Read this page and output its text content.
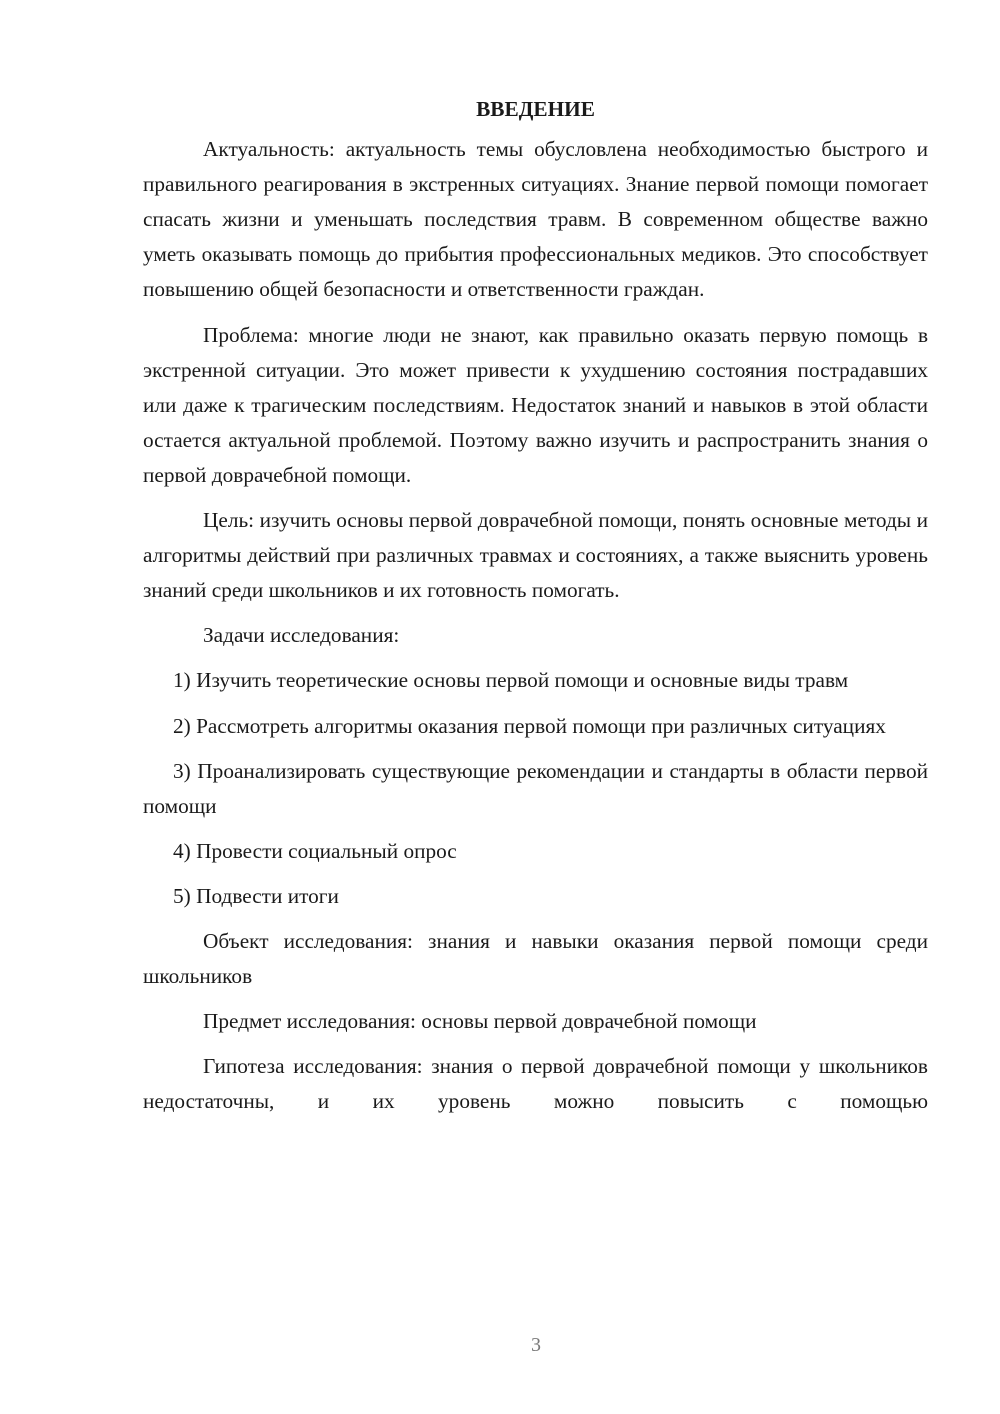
ВВЕДЕНИЕ

Актуальность: актуальность темы обусловлена необходимостью быстрого и правильного реагирования в экстренных ситуациях. Знание первой помощи помогает спасать жизни и уменьшать последствия травм. В современном обществе важно уметь оказывать помощь до прибытия профессиональных медиков. Это способствует повышению общей безопасности и ответственности граждан.

Проблема: многие люди не знают, как правильно оказать первую помощь в экстренной ситуации. Это может привести к ухудшению состояния пострадавших или даже к трагическим последствиям. Недостаток знаний и навыков в этой области остается актуальной проблемой. Поэтому важно изучить и распространить знания о первой доврачебной помощи.

Цель: изучить основы первой доврачебной помощи, понять основные методы и алгоритмы действий при различных травмах и состояниях, а также выяснить уровень знаний среди школьников и их готовность помогать.

Задачи исследования:

1) Изучить теоретические основы первой помощи и основные виды травм

2) Рассмотреть алгоритмы оказания первой помощи при различных ситуациях

3) Проанализировать существующие рекомендации и стандарты в области первой помощи

4) Провести социальный опрос

5) Подвести итоги

Объект исследования: знания и навыки оказания первой помощи среди школьников

Предмет исследования: основы первой доврачебной помощи

Гипотеза исследования: знания о первой доврачебной помощи у школьников недостаточны, и их уровень можно повысить с помощью

3
